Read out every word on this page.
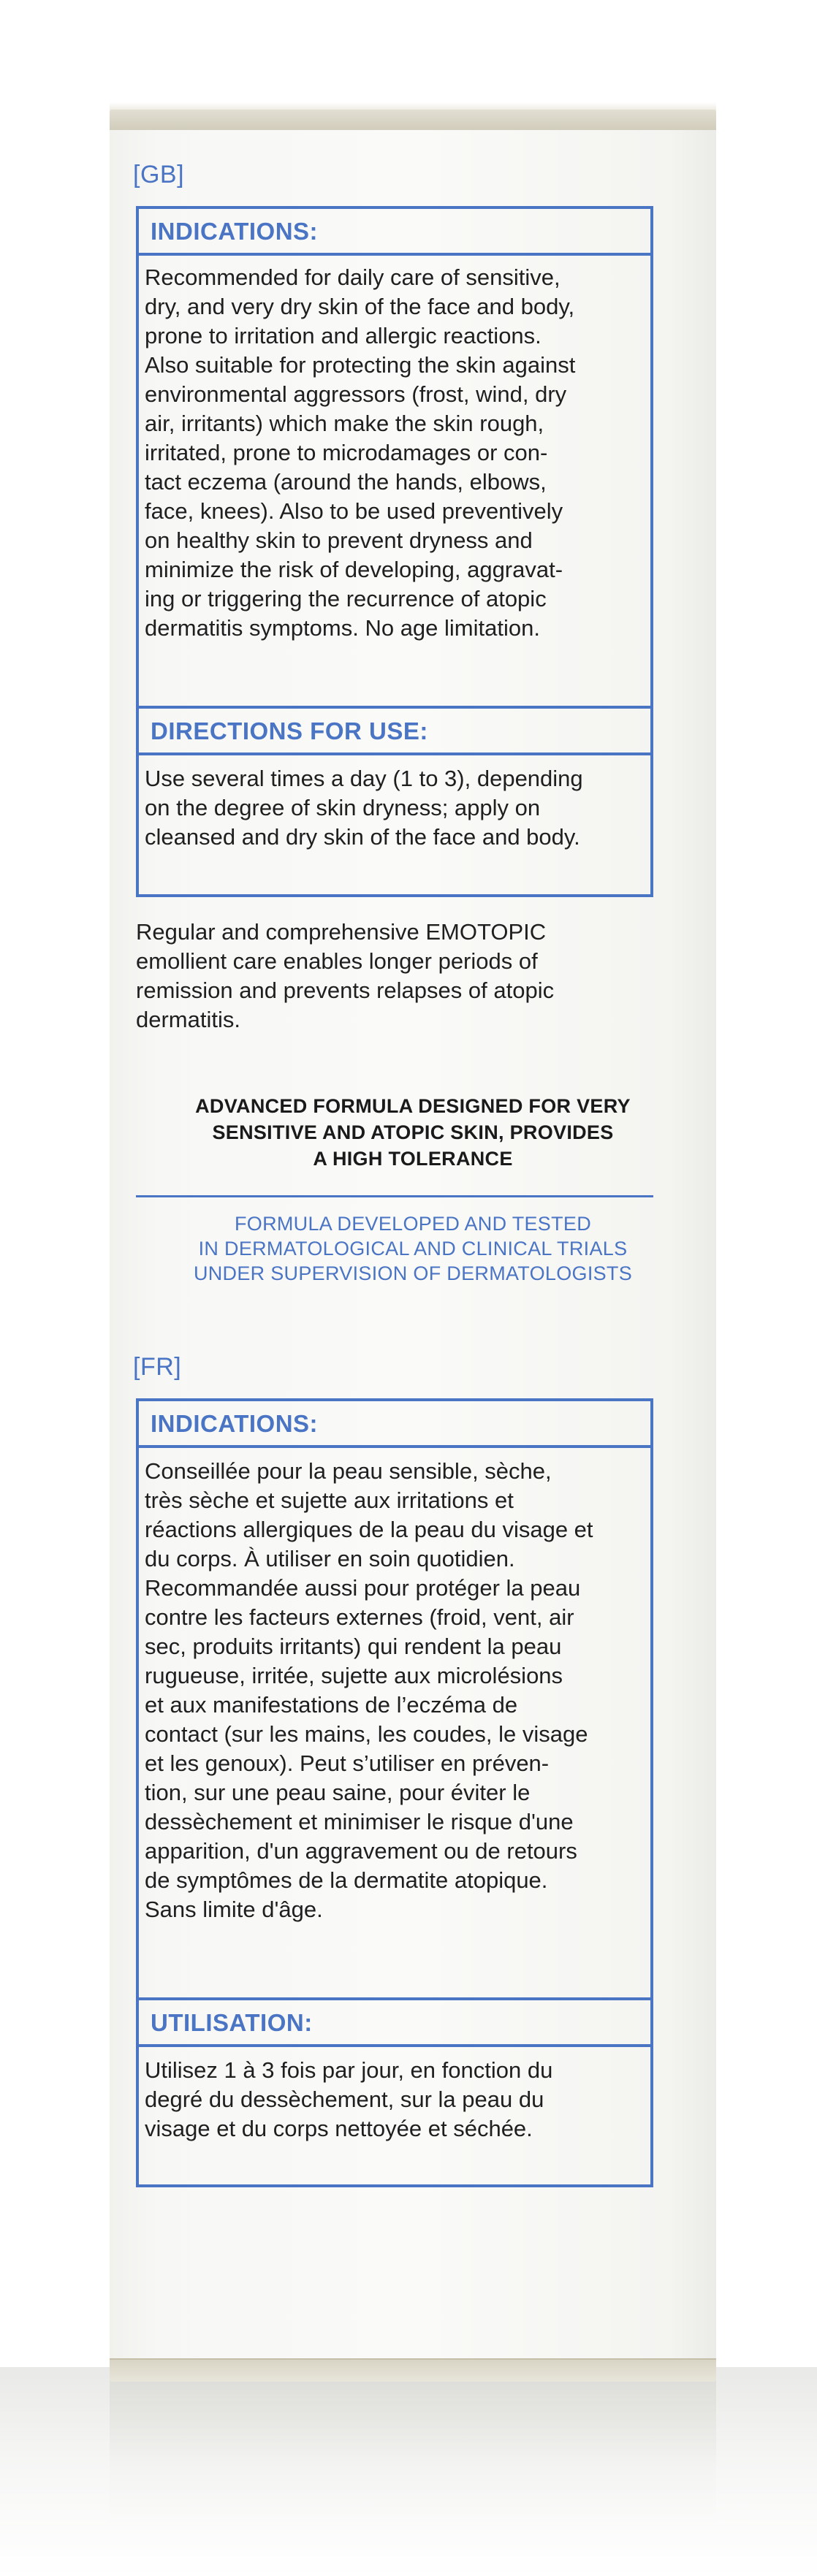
[GB]
INDICATIONS:
Recommended for daily care of sensitive,
dry, and very dry skin of the face and body,
prone to irritation and allergic reactions.
Also suitable for protecting the skin against
environmental aggressors (frost, wind, dry
air, irritants) which make the skin rough,
irritated, prone to microdamages or con-
tact eczema (around the hands, elbows,
face, knees). Also to be used preventively
on healthy skin to prevent dryness and
minimize the risk of developing, aggravat-
ing or triggering the recurrence of atopic
dermatitis symptoms. No age limitation.
DIRECTIONS FOR USE:
Use several times a day (1 to 3), depending
on the degree of skin dryness; apply on
cleansed and dry skin of the face and body.
Regular and comprehensive EMOTOPIC
emollient care enables longer periods of
remission and prevents relapses of atopic
dermatitis.
ADVANCED FORMULA DESIGNED FOR VERY
SENSITIVE AND ATOPIC SKIN, PROVIDES
A HIGH TOLERANCE
FORMULA DEVELOPED AND TESTED
IN DERMATOLOGICAL AND CLINICAL TRIALS
UNDER SUPERVISION OF DERMATOLOGISTS
[FR]
INDICATIONS:
Conseillée pour la peau sensible, sèche,
très sèche et sujette aux irritations et
réactions allergiques de la peau du visage et
du corps. À utiliser en soin quotidien.
Recommandée aussi pour protéger la peau
contre les facteurs externes (froid, vent, air
sec, produits irritants) qui rendent la peau
rugueuse, irritée, sujette aux microlésions
et aux manifestations de l’eczéma de
contact (sur les mains, les coudes, le visage
et les genoux). Peut s’utiliser en préven-
tion, sur une peau saine, pour éviter le
dessèchement et minimiser le risque d'une
apparition, d'un aggravement ou de retours
de symptômes de la dermatite atopique.
Sans limite d'âge.
UTILISATION:
Utilisez 1 à 3 fois par jour, en fonction du
degré du dessèchement, sur la peau du
visage et du corps nettoyée et séchée.
